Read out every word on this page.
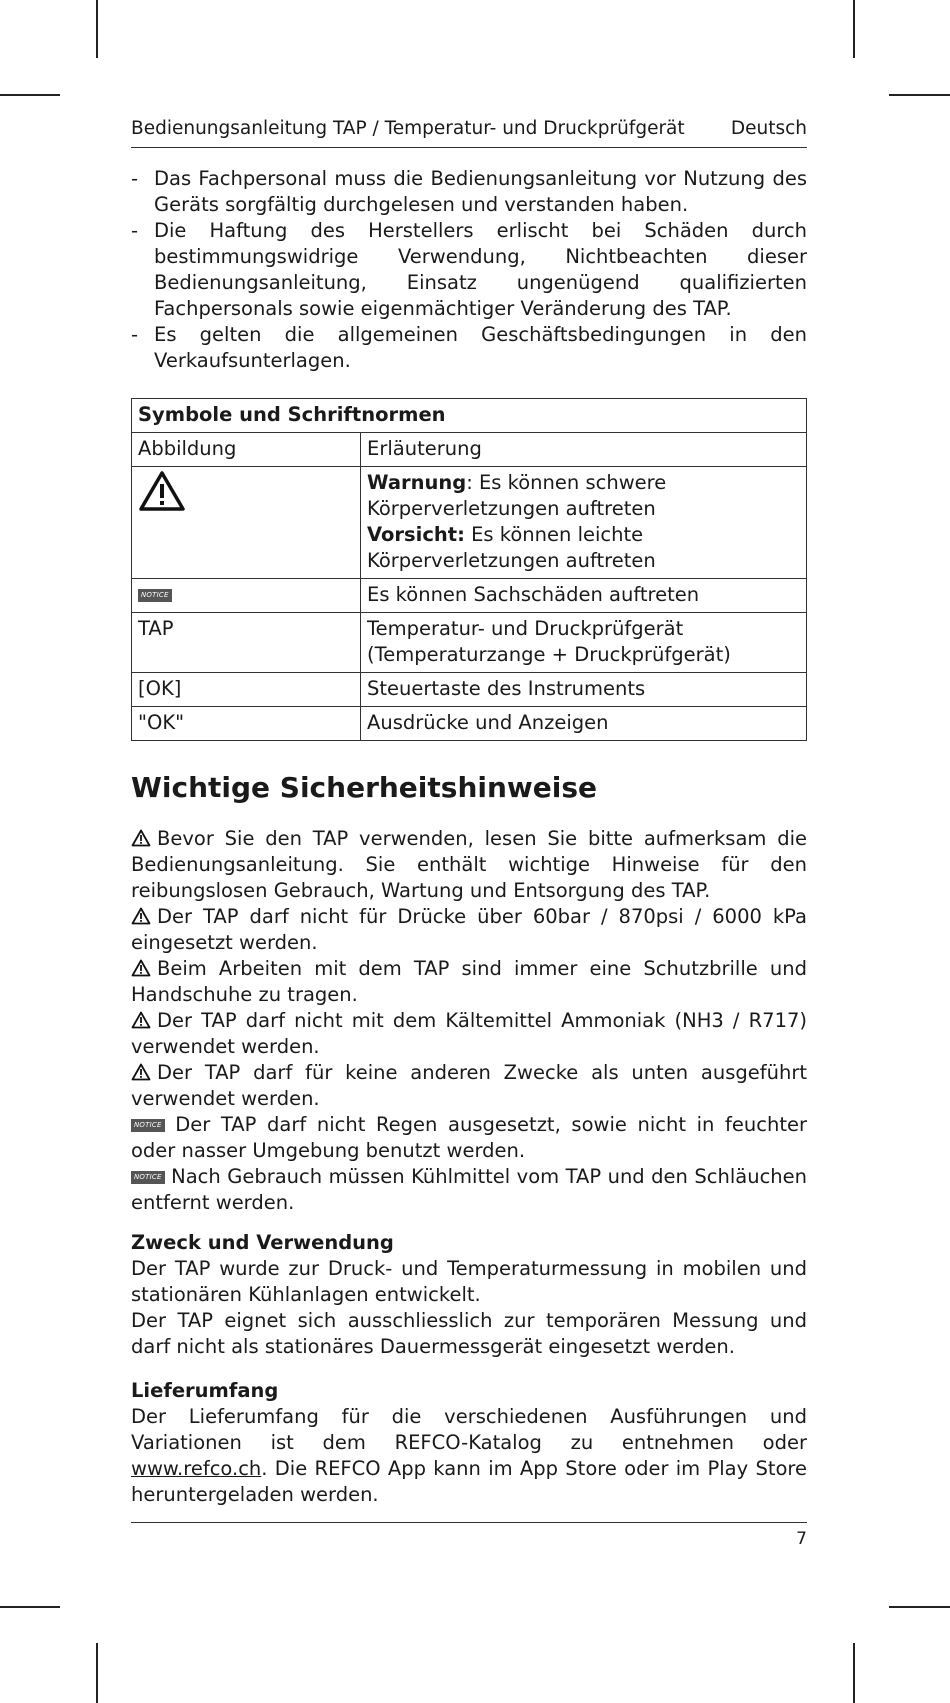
Bedienungsanleitung TAP / Temperatur- und Druckprüfgerät Deutsch
- Das Fachpersonal muss die Bedienungsanleitung vor Nutzung des Geräts sorgfältig durchgelesen und verstanden haben.
- Die Haftung des Herstellers erlischt bei Schäden durch bestimmungswidrige Verwendung, Nichtbeachten dieser Bedienungsanleitung, Einsatz ungenügend qualifizierten Fachpersonals sowie eigenmächtiger Veränderung des TAP.
- Es gelten die allgemeinen Geschäftsbedingungen in den Verkaufsunterlagen.
Symbole und Schriftnormen	
Abbildung	Erläuterung
	Warnung: Es können schwere Körperverletzungen auftreten
Vorsicht: Es können leichte Körperverletzungen auftreten
NOTICE	Es können Sachschäden auftreten
TAP	Temperatur- und Druckprüfgerät (Temperaturzange + Druckprüfgerät)
[OK]	Steuertaste des Instruments
"OK"	Ausdrücke und Anzeigen
Wichtige Sicherheitshinweise

Bevor Sie den TAP verwenden, lesen Sie bitte aufmerksam die Bedienungsanleitung. Sie enthält wichtige Hinweise für den reibungslosen Gebrauch, Wartung und Entsorgung des TAP.

Der TAP darf nicht für Drücke über 60bar / 870psi / 6000 kPa eingesetzt werden.

Beim Arbeiten mit dem TAP sind immer eine Schutzbrille und Handschuhe zu tragen.

Der TAP darf nicht mit dem Kältemittel Ammoniak (NH3 / R717) verwendet werden.

Der TAP darf für keine anderen Zwecke als unten ausgeführt verwendet werden.

NOTICE Der TAP darf nicht Regen ausgesetzt, sowie nicht in feuchter oder nasser Umgebung benutzt werden.

NOTICE Nach Gebrauch müssen Kühlmittel vom TAP und den Schläuchen entfernt werden.

Zweck und Verwendung

Der TAP wurde zur Druck- und Temperaturmessung in mobilen und stationären Kühlanlagen entwickelt.

Der TAP eignet sich ausschliesslich zur temporären Messung und darf nicht als stationäres Dauermessgerät eingesetzt werden.

Lieferumfang

Der Lieferumfang für die verschiedenen Ausführungen und Variationen ist dem REFCO-Katalog zu entnehmen oder www.refco.ch. Die REFCO App kann im App Store oder im Play Store heruntergeladen werden.

7
